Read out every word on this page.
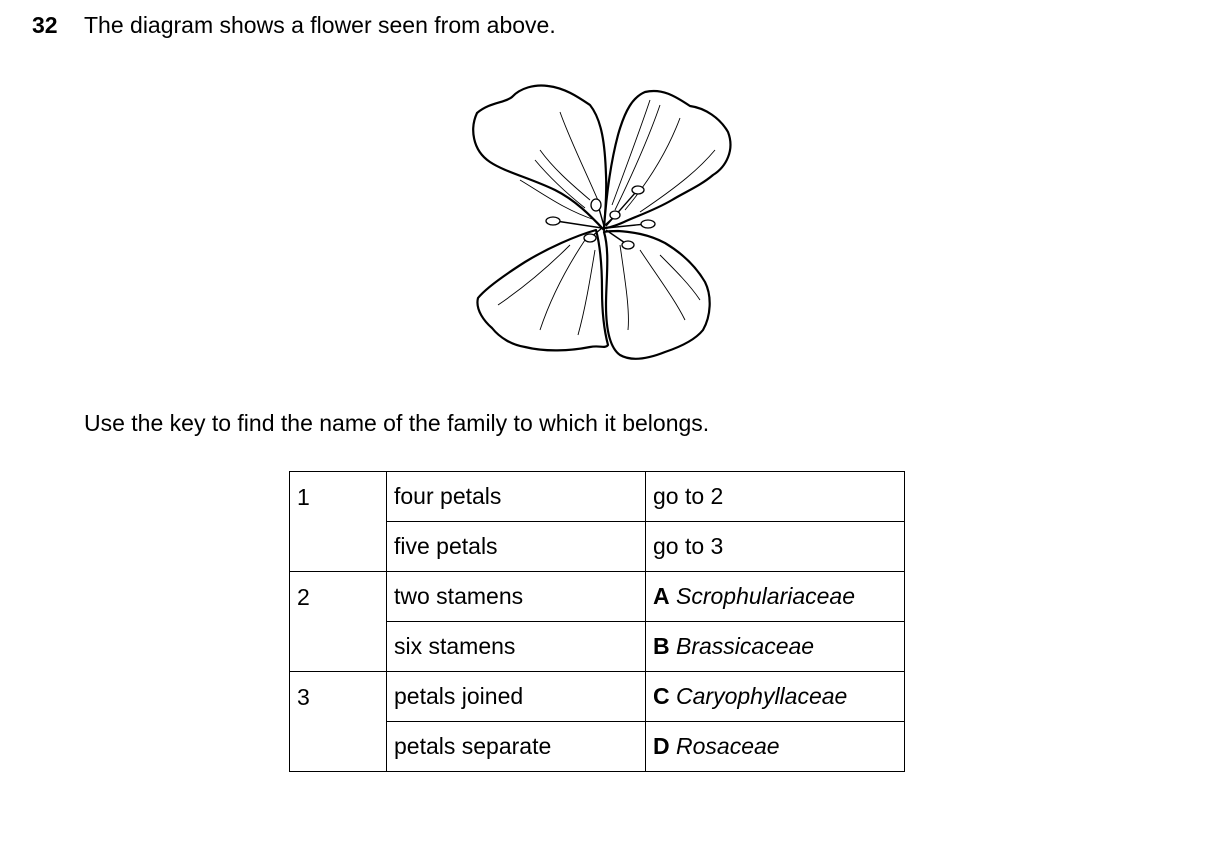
32 The diagram shows a flower seen from above.
Use the key to find the name of the family to which it belongs.
1	four petals	go to 2
	five petals	go to 3
2	two stamens	A Scrophulariaceae
	six stamens	B Brassicaceae
3	petals joined	C Caryophyllaceae
	petals separate	D Rosaceae
